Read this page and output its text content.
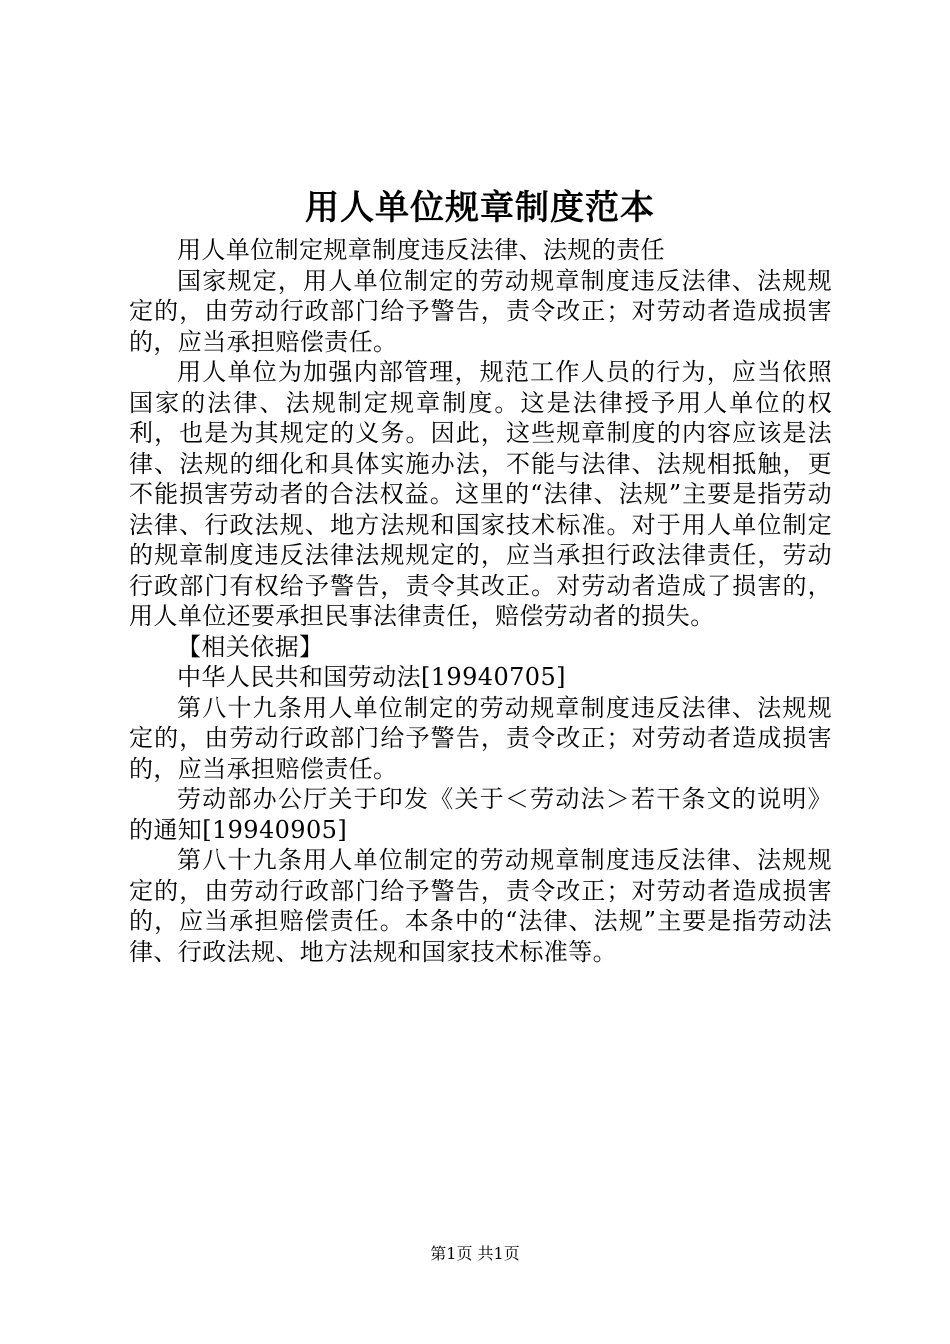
用人单位规章制度范本

用人单位制定规章制度违反法律、法规的责任

国家规定，用人单位制定的劳动规章制度违反法律、法规规定的，由劳动行政部门给予警告，责令改正；对劳动者造成损害的，应当承担赔偿责任。

用人单位为加强内部管理，规范工作人员的行为，应当依照国家的法律、法规制定规章制度。这是法律授予用人单位的权利，也是为其规定的义务。因此，这些规章制度的内容应该是法律、法规的细化和具体实施办法，不能与法律、法规相抵触，更不能损害劳动者的合法权益。这里的“法律、法规”主要是指劳动法律、行政法规、地方法规和国家技术标准。对于用人单位制定的规章制度违反法律法规规定的，应当承担行政法律责任，劳动行政部门有权给予警告，责令其改正。对劳动者造成了损害的，用人单位还要承担民事法律责任，赔偿劳动者的损失。

【相关依据】

中华人民共和国劳动法[19940705]

第八十九条用人单位制定的劳动规章制度违反法律、法规规定的，由劳动行政部门给予警告，责令改正；对劳动者造成损害的，应当承担赔偿责任。

劳动部办公厅关于印发《关于＜劳动法＞若干条文的说明》的通知[19940905]

第八十九条用人单位制定的劳动规章制度违反法律、法规规定的，由劳动行政部门给予警告，责令改正；对劳动者造成损害的，应当承担赔偿责任。本条中的“法律、法规”主要是指劳动法律、行政法规、地方法规和国家技术标准等。

第1页 共1页
